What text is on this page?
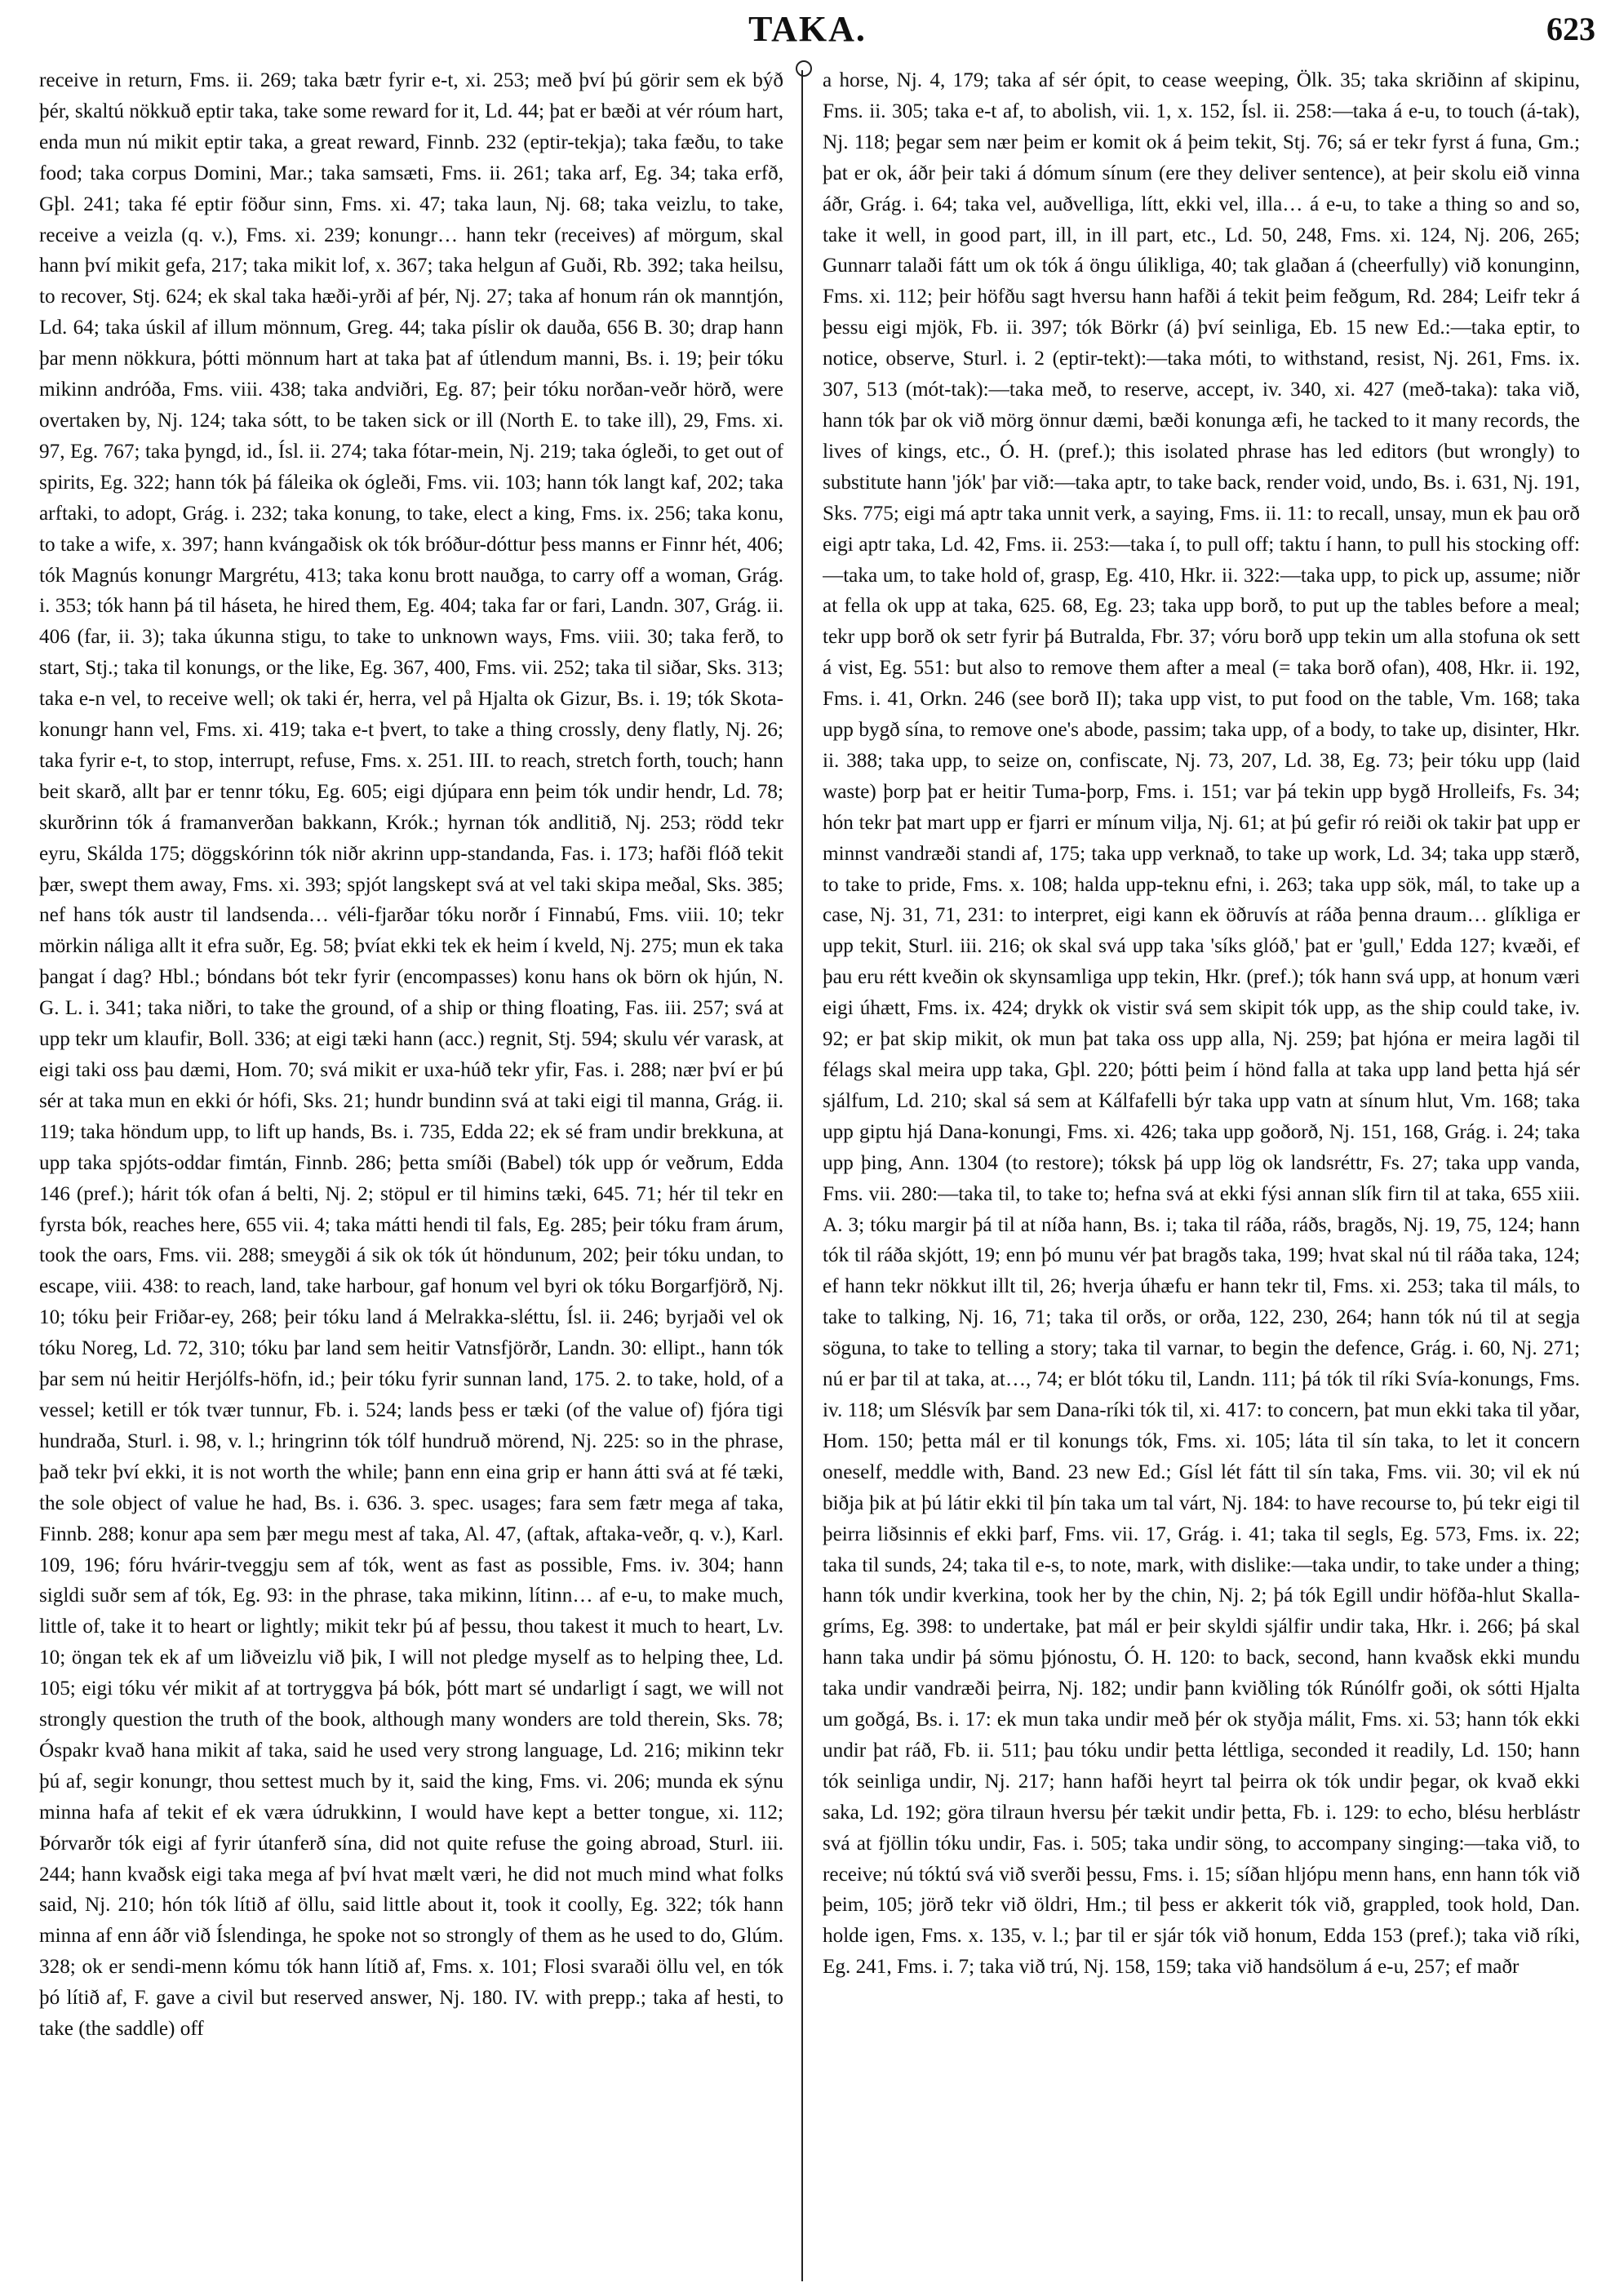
TAKA.	623

receive in return, Fms. ii. 269; taka bætr fyrir e-t, xi. 253; með því þú görir sem ek býð þér, skaltú nökkuð eptir taka, take some reward for it, Ld. 44; þat er bæði at vér róum hart, enda mun nú mikit eptir taka, a great reward, Finnb. 232 (eptir-tekja); taka fæðu, to take food; taka corpus Domini, Mar.; taka samsæti, Fms. ii. 261; taka arf, Eg. 34; taka erfð, Gþl. 241; taka fé eptir föður sinn, Fms. xi. 47; taka laun, Nj. 68; taka veizlu, to take, receive a veizla (q. v.), Fms. xi. 239; konungr… hann tekr (receives) af mörgum, skal hann því mikit gefa, 217; taka mikit lof, x. 367; taka helgun af Guði, Rb. 392; taka heilsu, to recover, Stj. 624; ek skal taka hæði-yrði af þér, Nj. 27; taka af honum rán ok manntjón, Ld. 64; taka úskil af illum mönnum, Greg. 44; taka píslir ok dauða, 656 B. 30; drap hann þar menn nökkura, þótti mönnum hart at taka þat af útlendum manni, Bs. i. 19; þeir tóku mikinn andróða, Fms. viii. 438; taka andviðri, Eg. 87; þeir tóku norðan-veðr hörð, were overtaken by, Nj. 124; taka sótt, to be taken sick or ill (North E. to take ill), 29, Fms. xi. 97, Eg. 767; taka þyngd, id., Ísl. ii. 274; taka fótar-mein, Nj. 219; taka ógleði, to get out of spirits, Eg. 322; hann tók þá fáleika ok ógleði, Fms. vii. 103; hann tók langt kaf, 202; taka arftaki, to adopt, Grág. i. 232; taka konung, to take, elect a king, Fms. ix. 256; taka konu, to take a wife, x. 397; hann kvángaðisk ok tók bróður-dóttur þess manns er Finnr hét, 406; tók Magnús konungr Margrétu, 413; taka konu brott nauðga, to carry off a woman, Grág. i. 353; tók hann þá til háseta, he hired them, Eg. 404; taka far or fari, Landn. 307, Grág. ii. 406 (far, ii. 3); taka úkunna stigu, to take to unknown ways, Fms. viii. 30; taka ferð, to start, Stj.; taka til konungs, or the like, Eg. 367, 400, Fms. vii. 252; taka til siðar, Sks. 313; taka e-n vel, to receive well; ok taki ér, herra, vel på Hjalta ok Gizur, Bs. i. 19; tók Skota-konungr hann vel, Fms. xi. 419; taka e-t þvert, to take a thing crossly, deny flatly, Nj. 26; taka fyrir e-t, to stop, interrupt, refuse, Fms. x. 251. III. to reach, stretch forth, touch; hann beit skarð, allt þar er tennr tóku, Eg. 605; eigi djúpara enn þeim tók undir hendr, Ld. 78; skurðrinn tók á framanverðan bakkann, Krók.; hyrnan tók andlitið, Nj. 253; rödd tekr eyru, Skálda 175; döggskórinn tók niðr akrinn upp-standanda, Fas. i. 173; hafði flóð tekit þær, swept them away, Fms. xi. 393; spjót langskept svá at vel taki skipa meðal, Sks. 385; nef hans tók austr til landsenda… véli-fjarðar tóku norðr í Finnabú, Fms. viii. 10; tekr mörkin náliga allt it efra suðr, Eg. 58; þvíat ekki tek ek heim í kveld, Nj. 275; mun ek taka þangat í dag? Hbl.; bóndans bót tekr fyrir (encompasses) konu hans ok börn ok hjún, N. G. L. i. 341; taka niðri, to take the ground, of a ship or thing floating, Fas. iii. 257; svá at upp tekr um klaufir, Boll. 336; at eigi tæki hann (acc.) regnit, Stj. 594; skulu vér varask, at eigi taki oss þau dæmi, Hom. 70; svá mikit er uxa-húð tekr yfir, Fas. i. 288; nær því er þú sér at taka mun en ekki ór hófi, Sks. 21; hundr bundinn svá at taki eigi til manna, Grág. ii. 119; taka höndum upp, to lift up hands, Bs. i. 735, Edda 22; ek sé fram undir brekkuna, at upp taka spjóts-oddar fimtán, Finnb. 286; þetta smíði (Babel) tók upp ór veðrum, Edda 146 (pref.); hárit tók ofan á belti, Nj. 2; stöpul er til himins tæki, 645. 71; hér til tekr en fyrsta bók, reaches here, 655 vii. 4; taka mátti hendi til fals, Eg. 285; þeir tóku fram árum, took the oars, Fms. vii. 288; smeygði á sik ok tók út höndunum, 202; þeir tóku undan, to escape, viii. 438: to reach, land, take harbour, gaf honum vel byri ok tóku Borgarfjörð, Nj. 10; tóku þeir Friðar-ey, 268; þeir tóku land á Melrakka-sléttu, Ísl. ii. 246; byrjaði vel ok tóku Noreg, Ld. 72, 310; tóku þar land sem heitir Vatnsfjörðr, Landn. 30: ellipt., hann tók þar sem nú heitir Herjólfs-höfn, id.; þeir tóku fyrir sunnan land, 175. 2. to take, hold, of a vessel; ketill er tók tvær tunnur, Fb. i. 524; lands þess er tæki (of the value of) fjóra tigi hundraða, Sturl. i. 98, v. l.; hringrinn tók tólf hundruð mörend, Nj. 225: so in the phrase, það tekr því ekki, it is not worth the while; þann enn eina grip er hann átti svá at fé tæki, the sole object of value he had, Bs. i. 636. 3. spec. usages; fara sem fætr mega af taka, Finnb. 288; konur apa sem þær megu mest af taka, Al. 47, (aftak, aftaka-veðr, q. v.), Karl. 109, 196; fóru hvárir-tveggju sem af tók, went as fast as possible, Fms. iv. 304; hann sigldi suðr sem af tók, Eg. 93: in the phrase, taka mikinn, lítinn… af e-u, to make much, little of, take it to heart or lightly; mikit tekr þú af þessu, thou takest it much to heart, Lv. 10; öngan tek ek af um liðveizlu við þik, I will not pledge myself as to helping thee, Ld. 105; eigi tóku vér mikit af at tortryggva þá bók, þótt mart sé undarligt í sagt, we will not strongly question the truth of the book, although many wonders are told therein, Sks. 78; Óspakr kvað hana mikit af taka, said he used very strong language, Ld. 216; mikinn tekr þú af, segir konungr, thou settest much by it, said the king, Fms. vi. 206; munda ek sýnu minna hafa af tekit ef ek væra údrukkinn, I would have kept a better tongue, xi. 112; Þórvarðr tók eigi af fyrir útanferð sína, did not quite refuse the going abroad, Sturl. iii. 244; hann kvaðsk eigi taka mega af því hvat mælt væri, he did not much mind what folks said, Nj. 210; hón tók lítið af öllu, said little about it, took it coolly, Eg. 322; tók hann minna af enn áðr við Íslendinga, he spoke not so strongly of them as he used to do, Glúm. 328; ok er sendi-menn kómu tók hann lítið af, Fms. x. 101; Flosi svaraði öllu vel, en tók þó lítið af, F. gave a civil but reserved answer, Nj. 180. IV. with prepp.; taka af hesti, to take (the saddle) off

a horse, Nj. 4, 179; taka af sér ópit, to cease weeping, Ölk. 35; taka skriðinn af skipinu, Fms. ii. 305; taka e-t af, to abolish, vii. 1, x. 152, Ísl. ii. 258:—taka á e-u, to touch (á-tak), Nj. 118; þegar sem nær þeim er komit ok á þeim tekit, Stj. 76; sá er tekr fyrst á funa, Gm.; þat er ok, áðr þeir taki á dómum sínum (ere they deliver sentence), at þeir skolu eið vinna áðr, Grág. i. 64; taka vel, auðvelliga, lítt, ekki vel, illa… á e-u, to take a thing so and so, take it well, in good part, ill, in ill part, etc., Ld. 50, 248, Fms. xi. 124, Nj. 206, 265; Gunnarr talaði fátt um ok tók á öngu úlikliga, 40; tak glaðan á (cheerfully) við konunginn, Fms. xi. 112; þeir höfðu sagt hversu hann hafði á tekit þeim feðgum, Rd. 284; Leifr tekr á þessu eigi mjök, Fb. ii. 397; tók Börkr (á) því seinliga, Eb. 15 new Ed.:—taka eptir, to notice, observe, Sturl. i. 2 (eptir-tekt):—taka móti, to withstand, resist, Nj. 261, Fms. ix. 307, 513 (mót-tak):—taka með, to reserve, accept, iv. 340, xi. 427 (með-taka): taka við, hann tók þar ok við mörg önnur dæmi, bæði konunga æfi, he tacked to it many records, the lives of kings, etc., Ó. H. (pref.); this isolated phrase has led editors (but wrongly) to substitute hann 'jók' þar við:—taka aptr, to take back, render void, undo, Bs. i. 631, Nj. 191, Sks. 775; eigi má aptr taka unnit verk, a saying, Fms. ii. 11: to recall, unsay, mun ek þau orð eigi aptr taka, Ld. 42, Fms. ii. 253:—taka í, to pull off; taktu í hann, to pull his stocking off:—taka um, to take hold of, grasp, Eg. 410, Hkr. ii. 322:—taka upp, to pick up, assume; niðr at fella ok upp at taka, 625. 68, Eg. 23; taka upp borð, to put up the tables before a meal; tekr upp borð ok setr fyrir þá Butralda, Fbr. 37; vóru borð upp tekin um alla stofuna ok sett á vist, Eg. 551: but also to remove them after a meal (= taka borð ofan), 408, Hkr. ii. 192, Fms. i. 41, Orkn. 246 (see borð II); taka upp vist, to put food on the table, Vm. 168; taka upp bygð sína, to remove one's abode, passim; taka upp, of a body, to take up, disinter, Hkr. ii. 388; taka upp, to seize on, confiscate, Nj. 73, 207, Ld. 38, Eg. 73; þeir tóku upp (laid waste) þorp þat er heitir Tuma-þorp, Fms. i. 151; var þá tekin upp bygð Hrolleifs, Fs. 34; hón tekr þat mart upp er fjarri er mínum vilja, Nj. 61; at þú gefir ró reiði ok takir þat upp er minnst vandræði standi af, 175; taka upp verknað, to take up work, Ld. 34; taka upp stærð, to take to pride, Fms. x. 108; halda upp-teknu efni, i. 263; taka upp sök, mál, to take up a case, Nj. 31, 71, 231: to interpret, eigi kann ek öðruvís at ráða þenna draum… glíkliga er upp tekit, Sturl. iii. 216; ok skal svá upp taka 'síks glóð,' þat er 'gull,' Edda 127; kvæði, ef þau eru rétt kveðin ok skynsamliga upp tekin, Hkr. (pref.); tók hann svá upp, at honum væri eigi úhætt, Fms. ix. 424; drykk ok vistir svá sem skipit tók upp, as the ship could take, iv. 92; er þat skip mikit, ok mun þat taka oss upp alla, Nj. 259; þat hjóna er meira lagði til félags skal meira upp taka, Gþl. 220; þótti þeim í hönd falla at taka upp land þetta hjá sér sjálfum, Ld. 210; skal sá sem at Kálfafelli býr taka upp vatn at sínum hlut, Vm. 168; taka upp giptu hjá Dana-konungi, Fms. xi. 426; taka upp goðorð, Nj. 151, 168, Grág. i. 24; taka upp þing, Ann. 1304 (to restore); tóksk þá upp lög ok landsréttr, Fs. 27; taka upp vanda, Fms. vii. 280:—taka til, to take to; hefna svá at ekki fýsi annan slík firn til at taka, 655 xiii. A. 3; tóku margir þá til at níða hann, Bs. i; taka til ráða, ráðs, bragðs, Nj. 19, 75, 124; hann tók til ráða skjótt, 19; enn þó munu vér þat bragðs taka, 199; hvat skal nú til ráða taka, 124; ef hann tekr nökkut illt til, 26; hverja úhæfu er hann tekr til, Fms. xi. 253; taka til máls, to take to talking, Nj. 16, 71; taka til orðs, or orða, 122, 230, 264; hann tók nú til at segja söguna, to take to telling a story; taka til varnar, to begin the defence, Grág. i. 60, Nj. 271; nú er þar til at taka, at…, 74; er blót tóku til, Landn. 111; þá tók til ríki Svía-konungs, Fms. iv. 118; um Slésvík þar sem Dana-ríki tók til, xi. 417: to concern, þat mun ekki taka til yðar, Hom. 150; þetta mál er til konungs tók, Fms. xi. 105; láta til sín taka, to let it concern oneself, meddle with, Band. 23 new Ed.; Gísl lét fátt til sín taka, Fms. vii. 30; vil ek nú biðja þik at þú látir ekki til þín taka um tal várt, Nj. 184: to have recourse to, þú tekr eigi til þeirra liðsinnis ef ekki þarf, Fms. vii. 17, Grág. i. 41; taka til segls, Eg. 573, Fms. ix. 22; taka til sunds, 24; taka til e-s, to note, mark, with dislike:—taka undir, to take under a thing; hann tók undir kverkina, took her by the chin, Nj. 2; þá tók Egill undir höfða-hlut Skalla-gríms, Eg. 398: to undertake, þat mál er þeir skyldi sjálfir undir taka, Hkr. i. 266; þá skal hann taka undir þá sömu þjónostu, Ó. H. 120: to back, second, hann kvaðsk ekki mundu taka undir vandræði þeirra, Nj. 182; undir þann kviðling tók Rúnólfr goði, ok sótti Hjalta um goðgá, Bs. i. 17: ek mun taka undir með þér ok styðja málit, Fms. xi. 53; hann tók ekki undir þat ráð, Fb. ii. 511; þau tóku undir þetta léttliga, seconded it readily, Ld. 150; hann tók seinliga undir, Nj. 217; hann hafði heyrt tal þeirra ok tók undir þegar, ok kvað ekki saka, Ld. 192; göra tilraun hversu þér tækit undir þetta, Fb. i. 129: to echo, blésu herblástr svá at fjöllin tóku undir, Fas. i. 505; taka undir söng, to accompany singing:—taka við, to receive; nú tóktú svá við sverði þessu, Fms. i. 15; síðan hljópu menn hans, enn hann tók við þeim, 105; jörð tekr við öldri, Hm.; til þess er akkerit tók við, grappled, took hold, Dan. holde igen, Fms. x. 135, v. l.; þar til er sjár tók við honum, Edda 153 (pref.); taka við ríki, Eg. 241, Fms. i. 7; taka við trú, Nj. 158, 159; taka við handsölum á e-u, 257; ef maðr
